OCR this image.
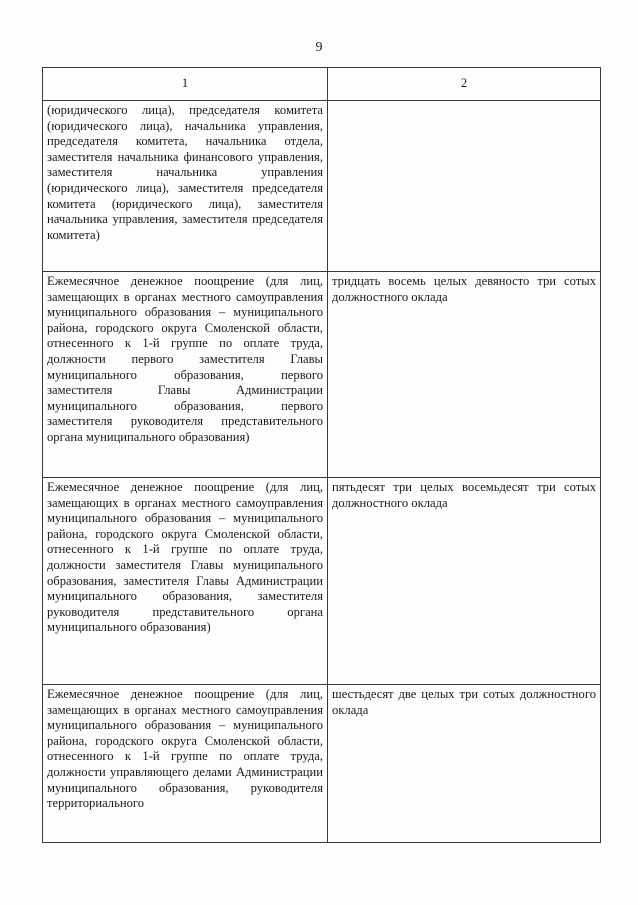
9
1	2
(юридического лица), председателя комитета (юридического лица), начальника управления, председателя комитета, начальника отдела, заместителя начальника финансового управления, заместителя начальника управления (юридического лица), заместителя председателя комитета (юридического лица), заместителя начальника управления, заместителя председателя комитета)	
Ежемесячное денежное поощрение (для лиц, замещающих в органах местного самоуправления муниципального образования – муниципального района, городского округа Смоленской области, отнесенного к 1-й группе по оплате труда, должности первого заместителя Главы муниципального образования, первого заместителя Главы Администрации муниципального образования, первого заместителя руководителя представительного органа муниципального образования)	тридцать восемь целых девяносто три сотых должностного оклада
Ежемесячное денежное поощрение (для лиц, замещающих в органах местного самоуправления муниципального образования – муниципального района, городского округа Смоленской области, отнесенного к 1-й группе по оплате труда, должности заместителя Главы муниципального образования, заместителя Главы Администрации муниципального образования, заместителя руководителя представительного органа муниципального образования)	пятьдесят три целых восемьдесят три сотых должностного оклада
Ежемесячное денежное поощрение (для лиц, замещающих в органах местного самоуправления муниципального образования – муниципального района, городского округа Смоленской области, отнесенного к 1-й группе по оплате труда, должности управляющего делами Администрации муниципального образования, руководителя территориального	шестьдесят две целых три сотых должностного оклада
